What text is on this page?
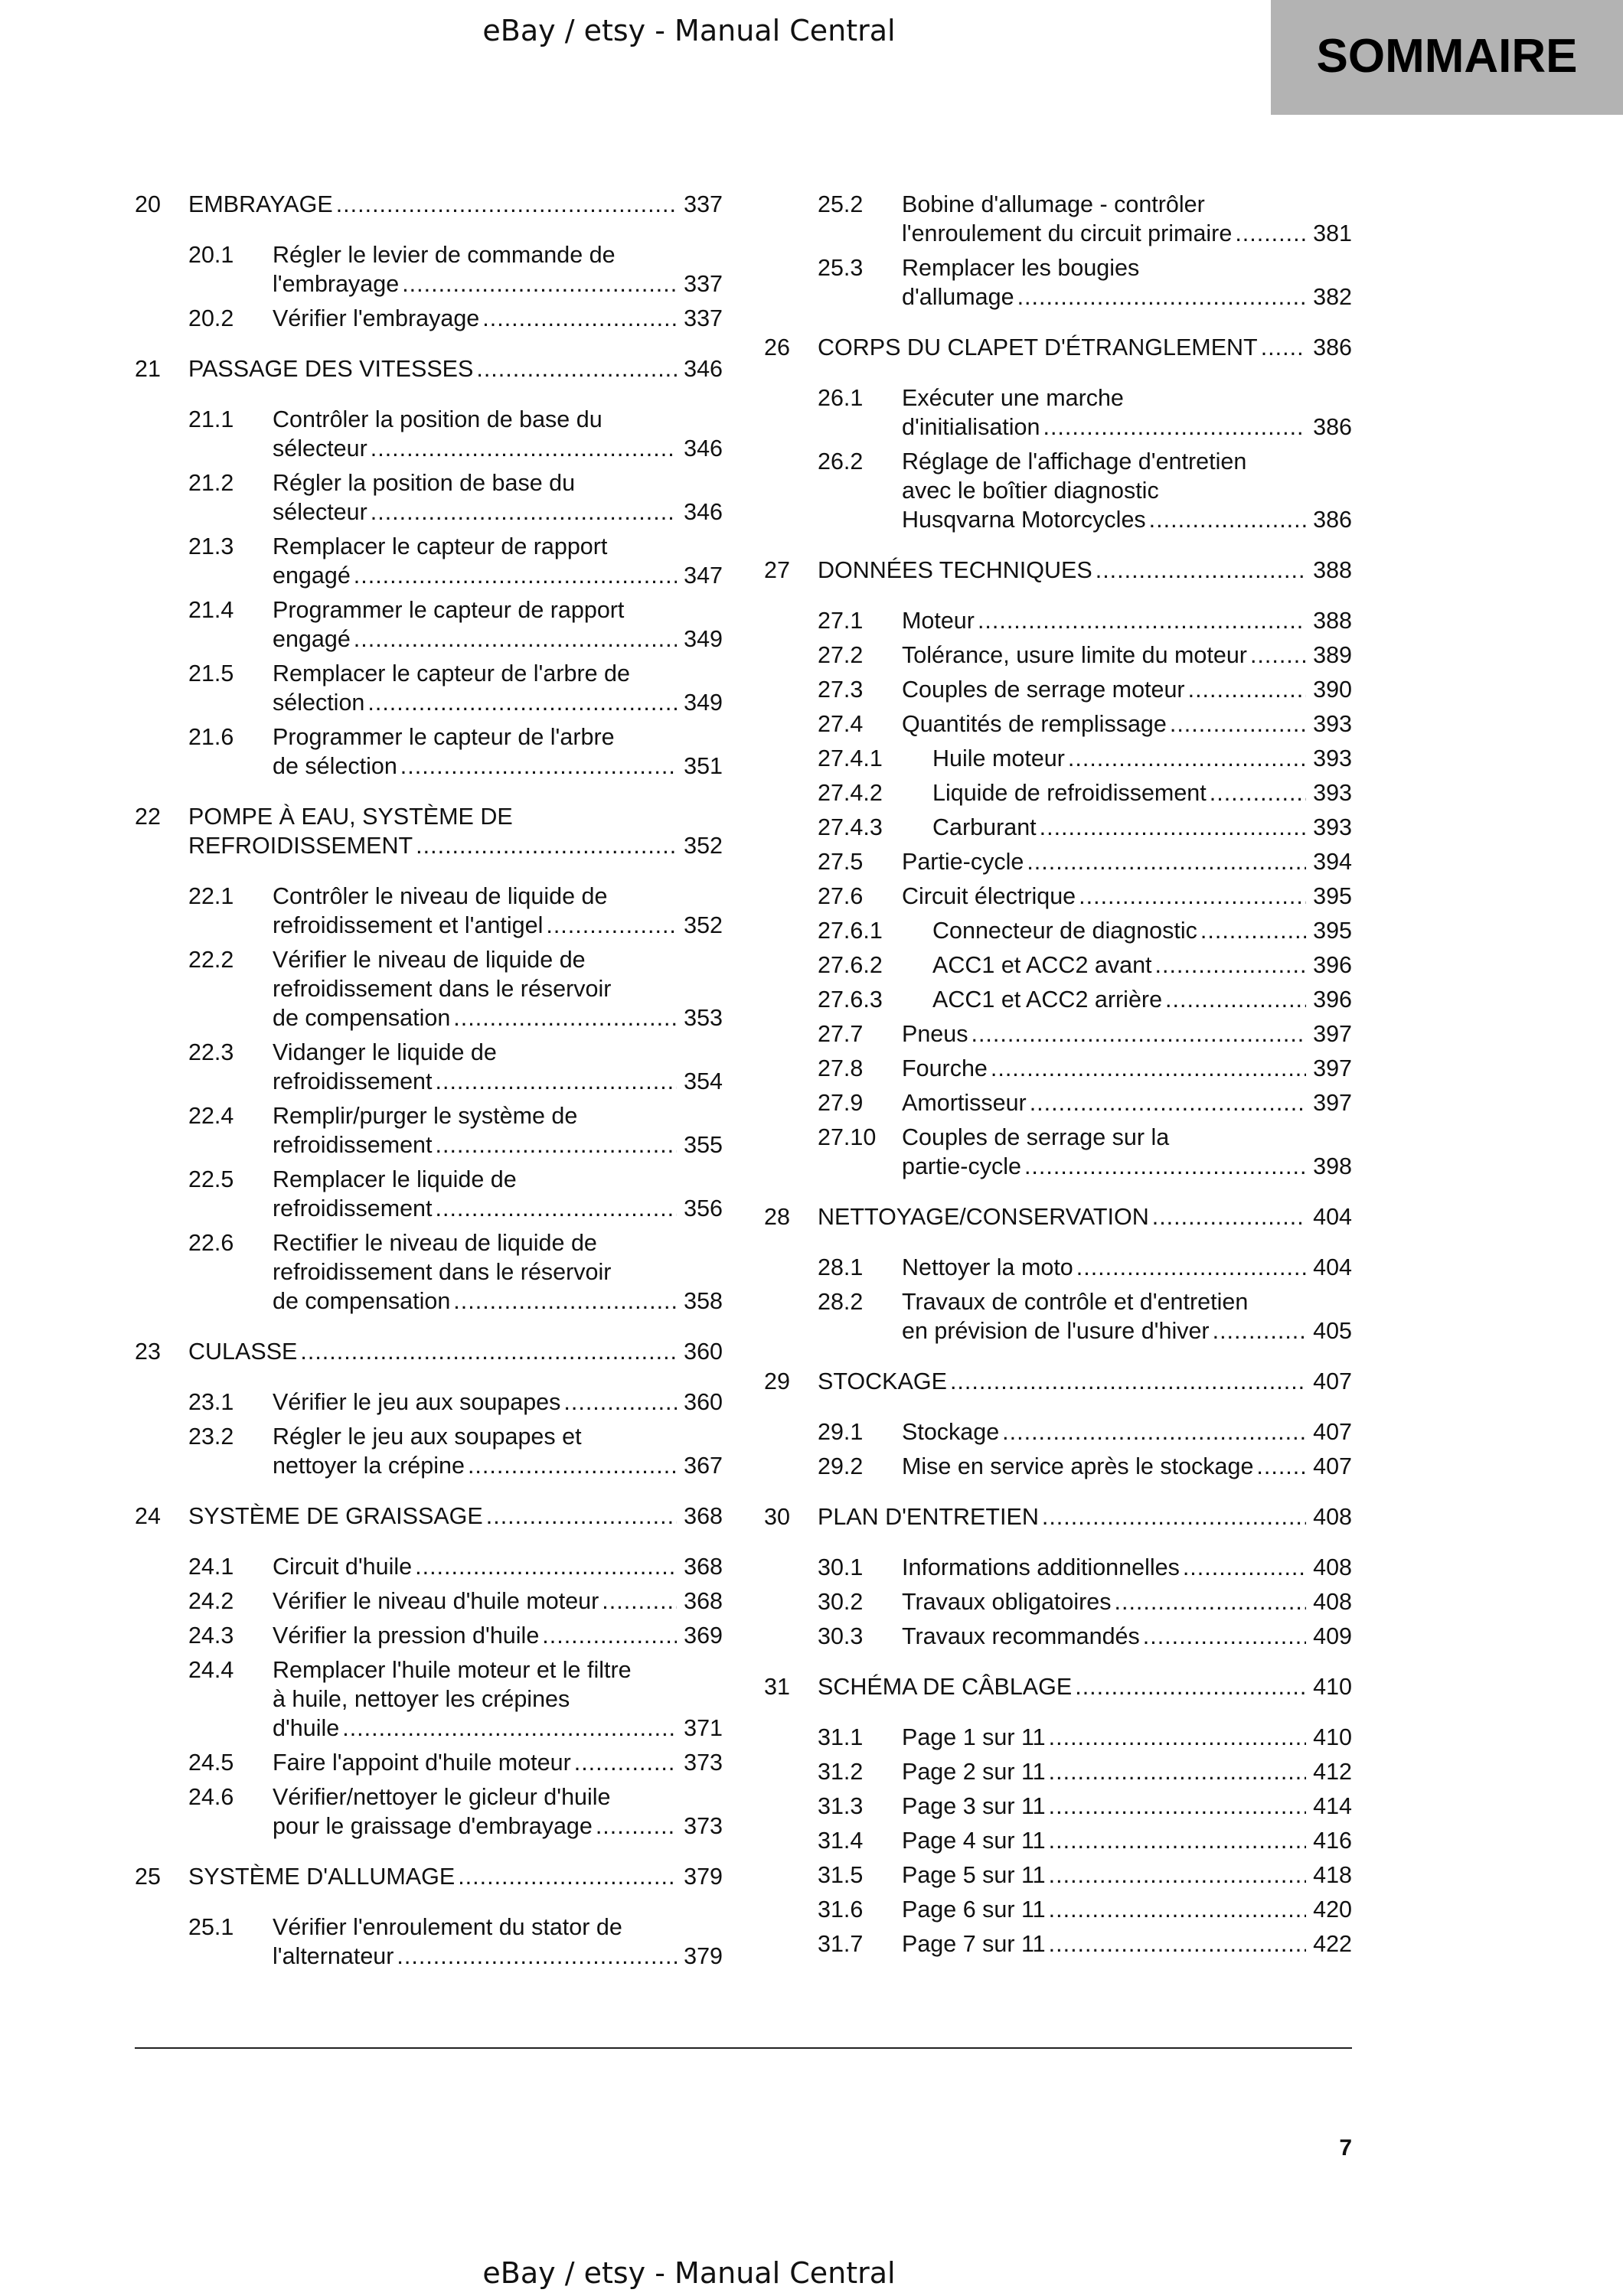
eBay / etsy - Manual Central	SOMMAIRE
20 EMBRAYAGE .....	337
20.1 Régler le levier de commande de
l'embrayage .....	337
20.2 Vérifier l'embrayage .....	337
21 PASSAGE DES VITESSES .....	346
21.1 Contrôler la position de base du
sélecteur .....	346
21.2 Régler la position de base du
sélecteur .....	346
21.3 Remplacer le capteur de rapport
engagé .....	347
21.4 Programmer le capteur de rapport
engagé .....	349
21.5 Remplacer le capteur de l'arbre de
sélection .....	349
21.6 Programmer le capteur de l'arbre
de sélection .....	351
22 POMPE À EAU, SYSTÈME DE
REFROIDISSEMENT .....	352
22.1 Contrôler le niveau de liquide de
refroidissement et l'antigel .....	352
22.2 Vérifier le niveau de liquide de
refroidissement dans le réservoir
de compensation .....	353
22.3 Vidanger le liquide de
refroidissement .....	354
22.4 Remplir/purger le système de
refroidissement .....	355
22.5 Remplacer le liquide de
refroidissement .....	356
22.6 Rectifier le niveau de liquide de
refroidissement dans le réservoir
de compensation .....	358
23 CULASSE .....	360
23.1 Vérifier le jeu aux soupapes .....	360
23.2 Régler le jeu aux soupapes et
nettoyer la crépine .....	367
24 SYSTÈME DE GRAISSAGE .....	368
24.1 Circuit d'huile .....	368
24.2 Vérifier le niveau d'huile moteur .....	368
24.3 Vérifier la pression d'huile .....	369
24.4 Remplacer l'huile moteur et le filtre
à huile, nettoyer les crépines
d'huile .....	371
24.5 Faire l'appoint d'huile moteur .....	373
24.6 Vérifier/nettoyer le gicleur d'huile
pour le graissage d'embrayage .....	373
25 SYSTÈME D'ALLUMAGE .....	379
25.1 Vérifier l'enroulement du stator de
l'alternateur .....	379
25.2 Bobine d'allumage - contrôler
l'enroulement du circuit primaire .....	381
25.3 Remplacer les bougies
d'allumage .....	382
26 CORPS DU CLAPET D'ÉTRANGLEMENT ..... 386
26.1 Exécuter une marche
d'initialisation .....	386
26.2 Réglage de l'affichage d'entretien
avec le boîtier diagnostic
Husqvarna Motorcycles .....	386
27 DONNÉES TECHNIQUES .....	388
27.1 Moteur .....	388
27.2 Tolérance, usure limite du moteur .....	389
27.3 Couples de serrage moteur .....	390
27.4 Quantités de remplissage .....	393
27.4.1 Huile moteur .....	393
27.4.2 Liquide de refroidissement .....	393
27.4.3 Carburant .....	393
27.5 Partie-cycle .....	394
27.6 Circuit électrique .....	395
27.6.1 Connecteur de diagnostic .....	395
27.6.2 ACC1 et ACC2 avant .....	396
27.6.3 ACC1 et ACC2 arrière .....	396
27.7 Pneus .....	397
27.8 Fourche .....	397
27.9 Amortisseur .....	397
27.10 Couples de serrage sur la
partie-cycle .....	398
28 NETTOYAGE/CONSERVATION .....	404
28.1 Nettoyer la moto .....	404
28.2 Travaux de contrôle et d'entretien
en prévision de l'usure d'hiver .....	405
29 STOCKAGE .....	407
29.1 Stockage .....	407
29.2 Mise en service après le stockage .....	407
30 PLAN D'ENTRETIEN .....	408
30.1 Informations additionnelles .....	408
30.2 Travaux obligatoires .....	408
30.3 Travaux recommandés .....	409
31 SCHÉMA DE CÂBLAGE .....	410
31.1 Page 1 sur 11 .....	410
31.2 Page 2 sur 11 .....	412
31.3 Page 3 sur 11 .....	414
31.4 Page 4 sur 11 .....	416
31.5 Page 5 sur 11 .....	418
31.6 Page 6 sur 11 .....	420
31.7 Page 7 sur 11 .....	422
7
eBay / etsy - Manual Central
